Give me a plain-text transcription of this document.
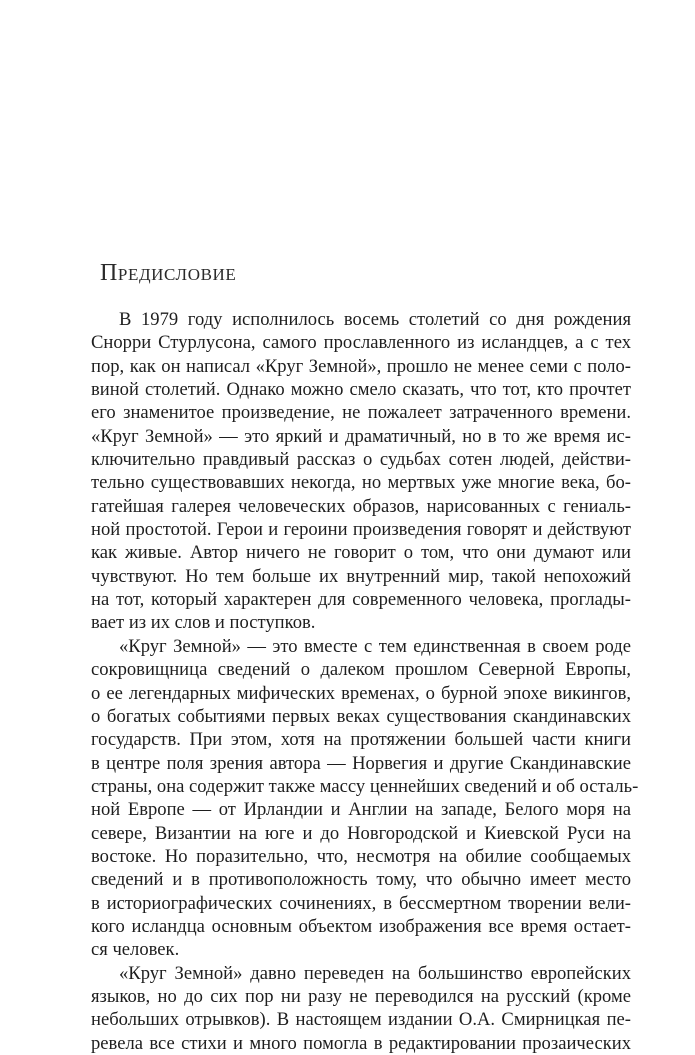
Предисловие
В 1979 году исполнилось восемь столетий со дня рождения
Снорри Стурлусона, самого прославленного из исландцев, а с тех
пор, как он написал «Круг Земной», прошло не менее семи с поло-
виной столетий. Однако можно смело сказать, что тот, кто прочтет
его знаменитое произведение, не пожалеет затраченного времени.
«Круг Земной» — это яркий и драматичный, но в то же время ис-
ключительно правдивый рассказ о судьбах сотен людей, действи-
тельно существовавших некогда, но мертвых уже многие века, бо-
гатейшая галерея человеческих образов, нарисованных с гениаль-
ной простотой. Герои и героини произведения говорят и действуют
как живые. Автор ничего не говорит о том, что они думают или
чувствуют. Но тем больше их внутренний мир, такой непохожий
на тот, который характерен для современного человека, проглады-
вает из их слов и поступков.
«Круг Земной» — это вместе с тем единственная в своем роде
сокровищница сведений о далеком прошлом Северной Европы,
о ее легендарных мифических временах, о бурной эпохе викингов,
о богатых событиями первых веках существования скандинавских
государств. При этом, хотя на протяжении большей части книги
в центре поля зрения автора — Норвегия и другие Скандинавские
страны, она содержит также массу ценнейших сведений и об осталь-
ной Европе — от Ирландии и Англии на западе, Белого моря на
севере, Византии на юге и до Новгородской и Киевской Руси на
востоке. Но поразительно, что, несмотря на обилие сообщаемых
сведений и в противоположность тому, что обычно имеет место
в историографических сочинениях, в бессмертном творении вели-
кого исландца основным объектом изображения все время остает-
ся человек.
«Круг Земной» давно переведен на большинство европейских
языков, но до сих пор ни разу не переводился на русский (кроме
небольших отрывков). В настоящем издании О.А. Смирницкая пе-
ревела все стихи и много помогла в редактировании прозаических
